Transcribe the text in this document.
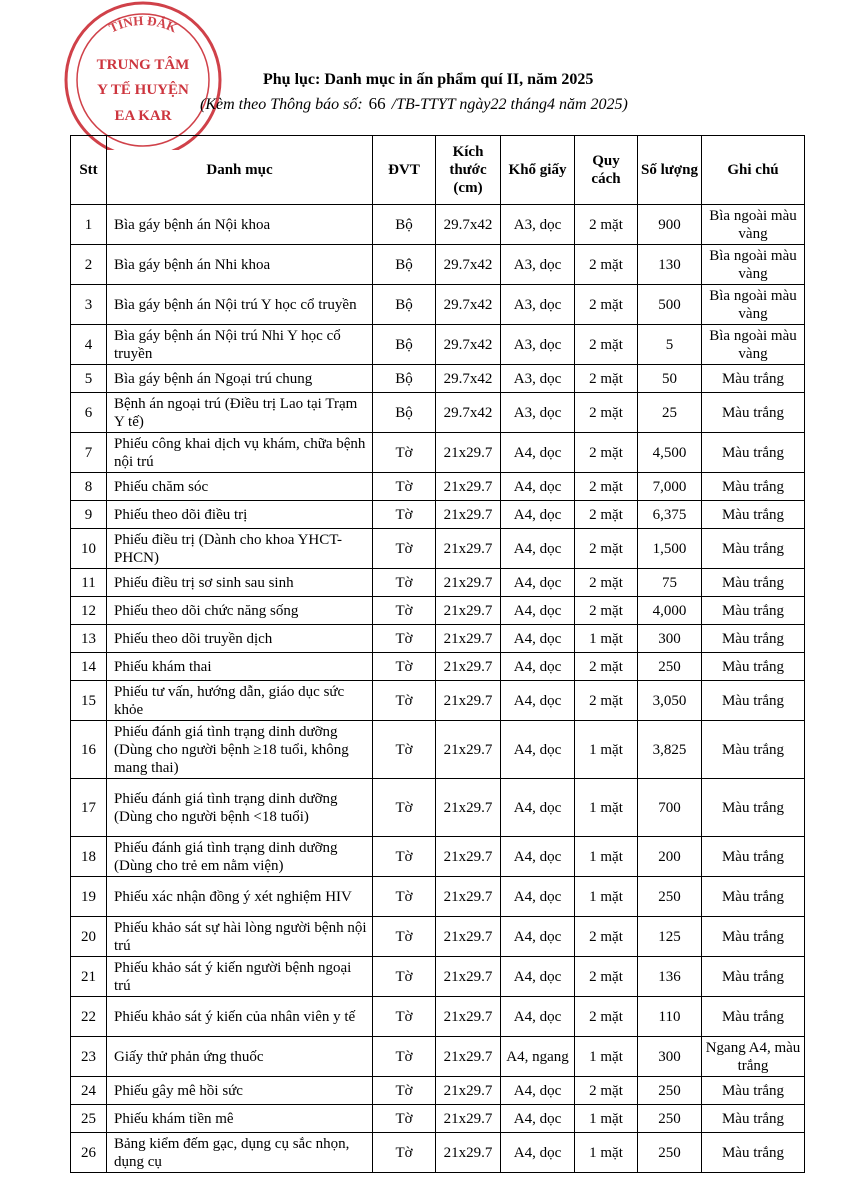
TỈNH ĐẮK
TRUNG TÂM
Y TẾ HUYỆN
EA KAR
Phụ lục: Danh mục in ấn phẩm quí II, năm 2025
(Kèm theo Thông báo số: 66 /TB-TTYT ngày22 tháng4 năm 2025)
Stt	Danh mục	ĐVT	Kích thước (cm)	Khổ giấy	Quy cách	Số lượng	Ghi chú
1	Bìa gáy bệnh án Nội khoa	Bộ	29.7x42	A3, dọc	2 mặt	900	Bìa ngoài màu vàng
2	Bìa gáy bệnh án Nhi khoa	Bộ	29.7x42	A3, dọc	2 mặt	130	Bìa ngoài màu vàng
3	Bìa gáy bệnh án Nội trú Y học cổ truyền	Bộ	29.7x42	A3, dọc	2 mặt	500	Bìa ngoài màu vàng
4	Bìa gáy bệnh án Nội trú Nhi Y học cổ truyền	Bộ	29.7x42	A3, dọc	2 mặt	5	Bìa ngoài màu vàng
5	Bìa gáy bệnh án Ngoại trú chung	Bộ	29.7x42	A3, dọc	2 mặt	50	Màu trắng
6	Bệnh án ngoại trú (Điều trị Lao tại Trạm Y tế)	Bộ	29.7x42	A3, dọc	2 mặt	25	Màu trắng
7	Phiếu công khai dịch vụ khám, chữa bệnh nội trú	Tờ	21x29.7	A4, dọc	2 mặt	4,500	Màu trắng
8	Phiếu chăm sóc	Tờ	21x29.7	A4, dọc	2 mặt	7,000	Màu trắng
9	Phiếu theo dõi điều trị	Tờ	21x29.7	A4, dọc	2 mặt	6,375	Màu trắng
10	Phiếu điều trị (Dành cho khoa YHCT- PHCN)	Tờ	21x29.7	A4, dọc	2 mặt	1,500	Màu trắng
11	Phiếu điều trị sơ sinh sau sinh	Tờ	21x29.7	A4, dọc	2 mặt	75	Màu trắng
12	Phiếu theo dõi chức năng sống	Tờ	21x29.7	A4, dọc	2 mặt	4,000	Màu trắng
13	Phiếu theo dõi truyền dịch	Tờ	21x29.7	A4, dọc	1 mặt	300	Màu trắng
14	Phiếu khám thai	Tờ	21x29.7	A4, dọc	2 mặt	250	Màu trắng
15	Phiếu tư vấn, hướng dẫn, giáo dục sức khỏe	Tờ	21x29.7	A4, dọc	2 mặt	3,050	Màu trắng
16	Phiếu đánh giá tình trạng dinh dưỡng (Dùng cho người bệnh ≥18 tuổi, không mang thai)	Tờ	21x29.7	A4, dọc	1 mặt	3,825	Màu trắng
17	Phiếu đánh giá tình trạng dinh dưỡng (Dùng cho người bệnh <18 tuổi)	Tờ	21x29.7	A4, dọc	1 mặt	700	Màu trắng
18	Phiếu đánh giá tình trạng dinh dưỡng (Dùng cho trẻ em nằm viện)	Tờ	21x29.7	A4, dọc	1 mặt	200	Màu trắng
19	Phiếu xác nhận đồng ý xét nghiệm HIV	Tờ	21x29.7	A4, dọc	1 mặt	250	Màu trắng
20	Phiếu khảo sát sự hài lòng người bệnh nội trú	Tờ	21x29.7	A4, dọc	2 mặt	125	Màu trắng
21	Phiếu khảo sát ý kiến người bệnh ngoại trú	Tờ	21x29.7	A4, dọc	2 mặt	136	Màu trắng
22	Phiếu khảo sát ý kiến của nhân viên y tế	Tờ	21x29.7	A4, dọc	2 mặt	110	Màu trắng
23	Giấy thử phản ứng thuốc	Tờ	21x29.7	A4, ngang	1 mặt	300	Ngang A4, màu trắng
24	Phiếu gây mê hồi sức	Tờ	21x29.7	A4, dọc	2 mặt	250	Màu trắng
25	Phiếu khám tiền mê	Tờ	21x29.7	A4, dọc	1 mặt	250	Màu trắng
26	Bảng kiểm đếm gạc, dụng cụ sắc nhọn, dụng cụ	Tờ	21x29.7	A4, dọc	1 mặt	250	Màu trắng
